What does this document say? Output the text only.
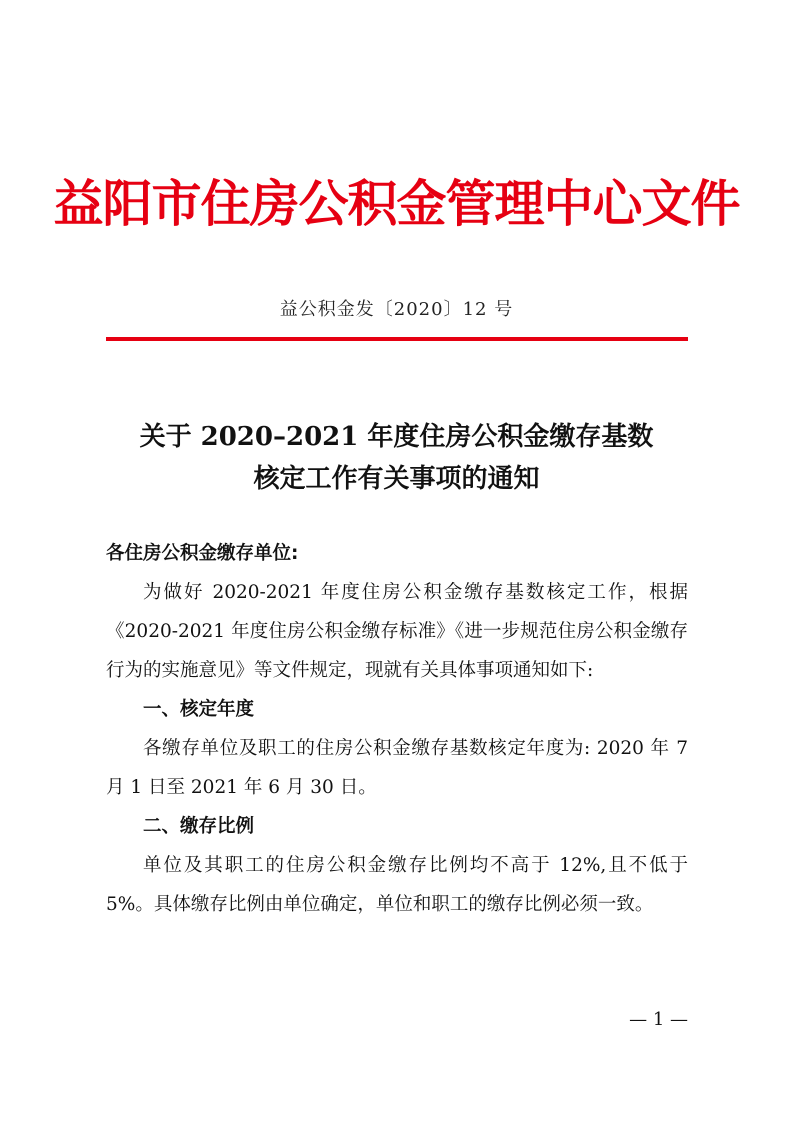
益阳市住房公积金管理中心文件
益公积金发〔2020〕12 号
关于 2020–2021 年度住房公积金缴存基数
核定工作有关事项的通知

各住房公积金缴存单位:

为做好 2020-2021 年度住房公积金缴存基数核定工作，根据《2020-2021 年度住房公积金缴存标准》《进一步规范住房公积金缴存行为的实施意见》等文件规定，现就有关具体事项通知如下:

一、核定年度

各缴存单位及职工的住房公积金缴存基数核定年度为: 2020 年 7 月 1 日至 2021 年 6 月 30 日。

二、缴存比例

单位及其职工的住房公积金缴存比例均不高于 12%,且不低于 5%。具体缴存比例由单位确定，单位和职工的缴存比例必须一致。

— 1 —
